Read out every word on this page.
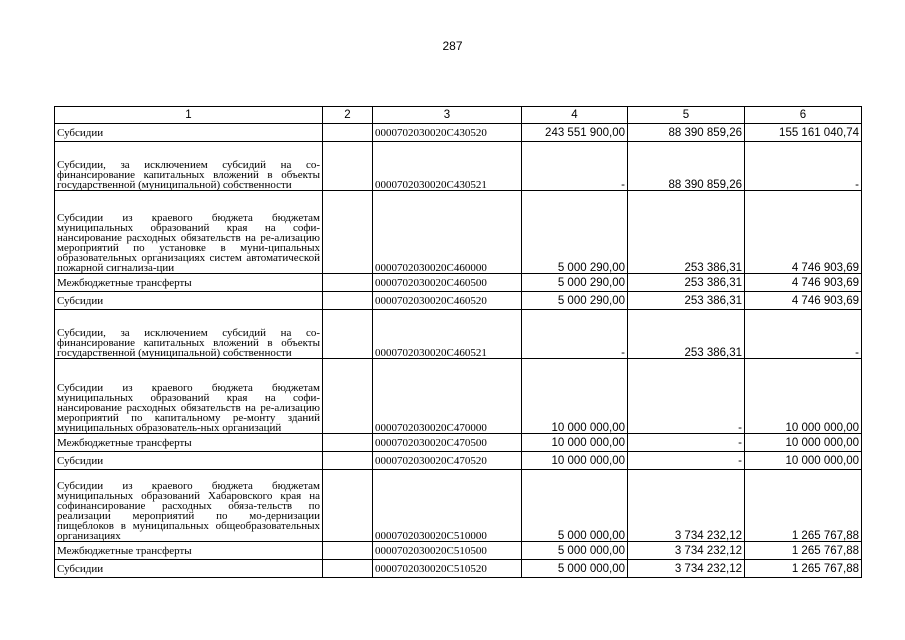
287
1	2	3	4	5	6
Субсидии		0000702030020С430520	243 551 900,00	88 390 859,26	155 161 040,74
Субсидии, за исключением субсидий на со-финансирование капитальных вложений в объекты государственной (муниципальной) собственности		0000702030020С430521	-	88 390 859,26	-
Субсидии из краевого бюджета бюджетам муниципальных образований края на софи-нансирование расходных обязательств на ре-ализацию мероприятий по установке в муни-ципальных образовательных организациях систем автоматической пожарной сигнализа-ции		0000702030020С460000	5 000 290,00	253 386,31	4 746 903,69
Межбюджетные трансферты		0000702030020С460500	5 000 290,00	253 386,31	4 746 903,69
Субсидии		0000702030020С460520	5 000 290,00	253 386,31	4 746 903,69
Субсидии, за исключением субсидий на со-финансирование капитальных вложений в объекты государственной (муниципальной) собственности		0000702030020С460521	-	253 386,31	-
Субсидии из краевого бюджета бюджетам муниципальных образований края на софи-нансирование расходных обязательств на ре-ализацию мероприятий по капитальному ре-монту зданий муниципальных образователь-ных организаций		0000702030020С470000	10 000 000,00	-	10 000 000,00
Межбюджетные трансферты		0000702030020С470500	10 000 000,00	-	10 000 000,00
Субсидии		0000702030020С470520	10 000 000,00	-	10 000 000,00
Субсидии из краевого бюджета бюджетам муниципальных образований Хабаровского края на софинансирование расходных обяза-тельств по реализации мероприятий по мо-дернизации пищеблоков в муниципальных общеобразовательных организациях		0000702030020С510000	5 000 000,00	3 734 232,12	1 265 767,88
Межбюджетные трансферты		0000702030020С510500	5 000 000,00	3 734 232,12	1 265 767,88
Субсидии		0000702030020С510520	5 000 000,00	3 734 232,12	1 265 767,88
